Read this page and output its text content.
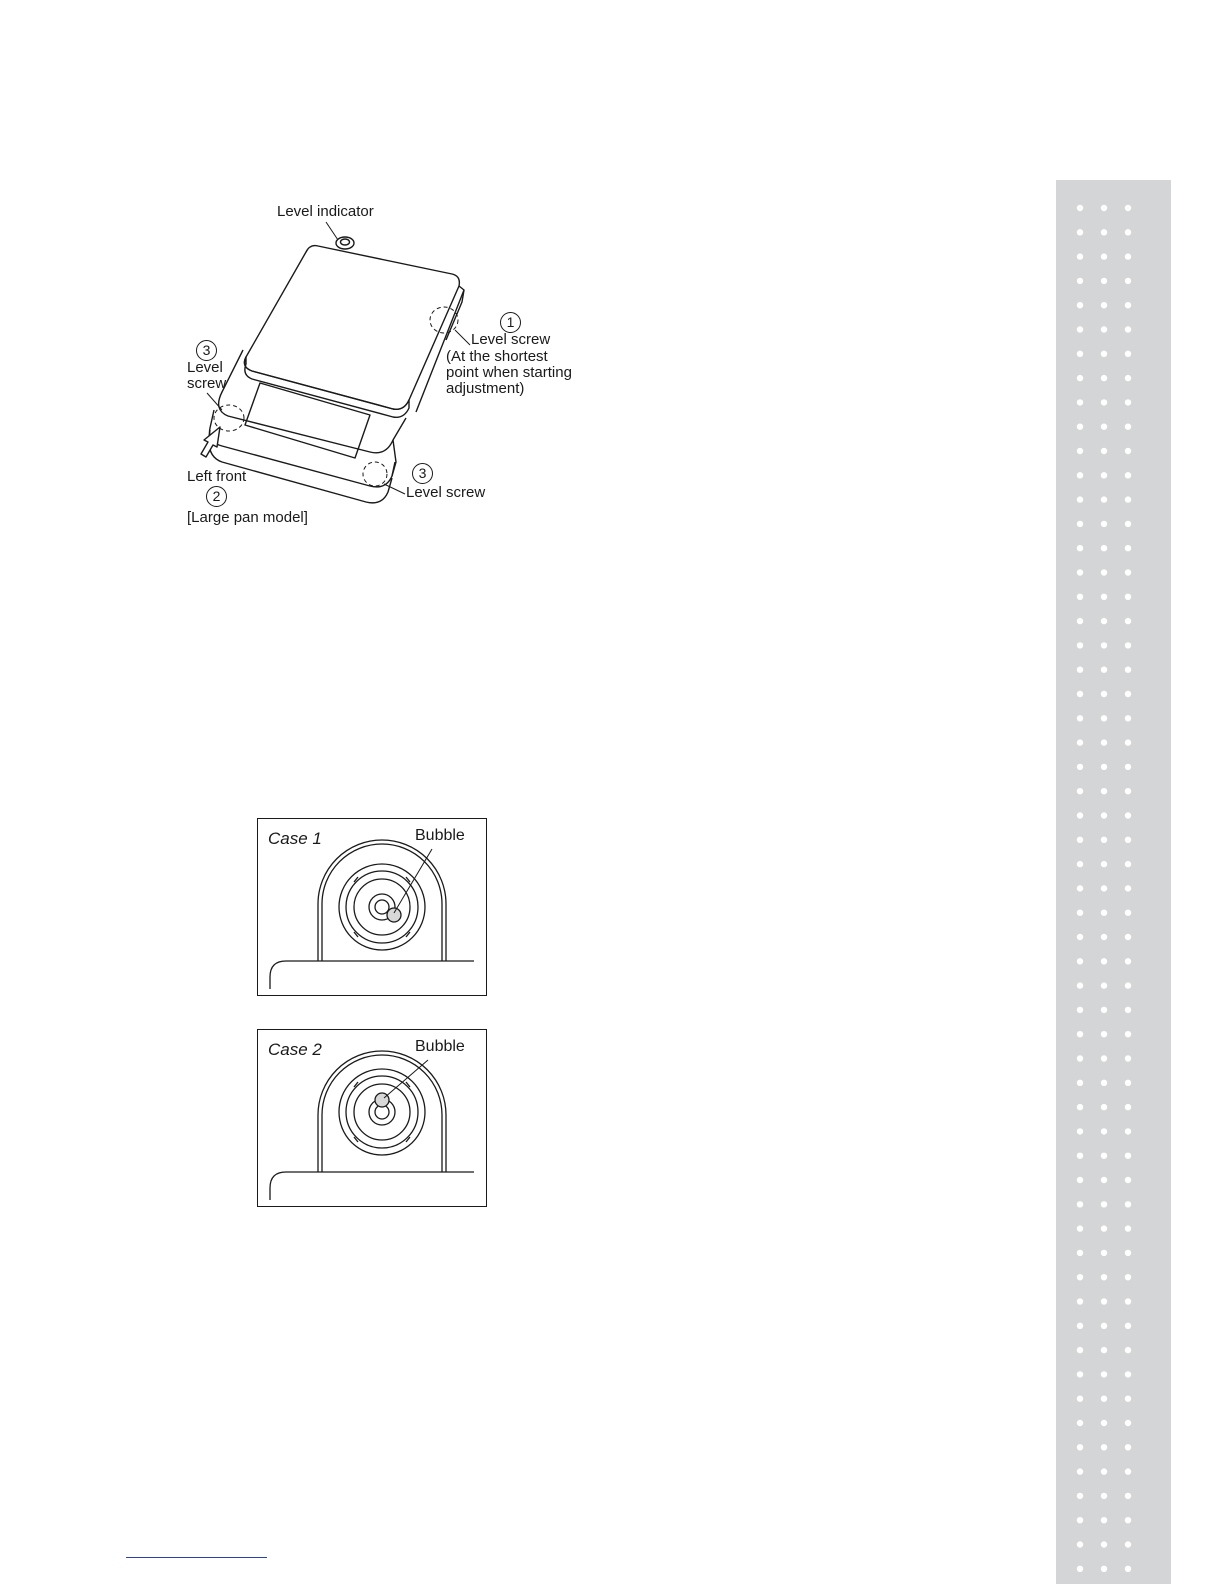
Level indicator
1
Level screw
(At the shortest
point when starting
adjustment)
3
Level
screw
Left front
2
[Large pan model]
3
Level screw
Case 1	Bubble
Case 2	Bubble
